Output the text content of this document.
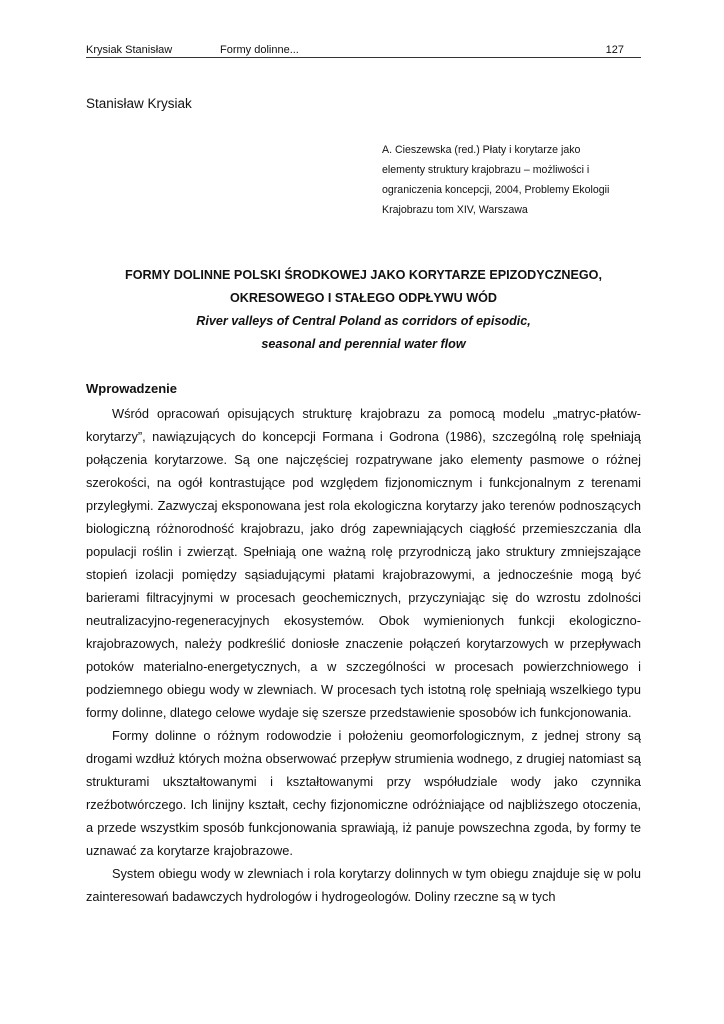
Krysiak Stanisław	Formy dolinne...	127
Stanisław Krysiak
A. Cieszewska (red.) Płaty i korytarze jako
elementy struktury krajobrazu – możliwości i
ograniczenia koncepcji, 2004, Problemy Ekologii
Krajobrazu tom XIV, Warszawa
FORMY DOLINNE POLSKI ŚRODKOWEJ JAKO KORYTARZE EPIZODYCZNEGO,
OKRESOWEGO I STAŁEGO ODPŁYWU WÓD
River valleys of Central Poland as corridors of episodic,
seasonal and perennial water flow
Wprowadzenie

Wśród opracowań opisujących strukturę krajobrazu za pomocą modelu „matryc-płatów-korytarzy”, nawiązujących do koncepcji Formana i Godrona (1986), szczególną rolę spełniają połączenia korytarzowe. Są one najczęściej rozpatrywane jako elementy pasmowe o różnej szerokości, na ogół kontrastujące pod względem fizjonomicznym i funkcjonalnym z terenami przyległymi. Zazwyczaj eksponowana jest rola ekologiczna korytarzy jako terenów podnoszących biologiczną różnorodność krajobrazu, jako dróg zapewniających ciągłość przemieszczania dla populacji roślin i zwierząt. Spełniają one ważną rolę przyrodniczą jako struktury zmniejszające stopień izolacji pomiędzy sąsiadującymi płatami krajobrazowymi, a jednocześnie mogą być barierami filtracyjnymi w procesach geochemicznych, przyczyniając się do wzrostu zdolności neutralizacyjno-regeneracyjnych ekosystemów. Obok wymienionych funkcji ekologiczno-krajobrazowych, należy podkreślić doniosłe znaczenie połączeń korytarzowych w przepływach potoków materialno-energetycznych, a w szczególności w procesach powierzchniowego i podziemnego obiegu wody w zlewniach. W procesach tych istotną rolę spełniają wszelkiego typu formy dolinne, dlatego celowe wydaje się szersze przedstawienie sposobów ich funkcjonowania.

Formy dolinne o różnym rodowodzie i położeniu geomorfologicznym, z jednej strony są drogami wzdłuż których można obserwować przepływ strumienia wodnego, z drugiej natomiast są strukturami ukształtowanymi i kształtowanymi przy współudziale wody jako czynnika rzeźbotwórczego. Ich linijny kształt, cechy fizjonomiczne odróżniające od najbliższego otoczenia, a przede wszystkim sposób funkcjonowania sprawiają, iż panuje powszechna zgoda, by formy te uznawać za korytarze krajobrazowe.

System obiegu wody w zlewniach i rola korytarzy dolinnych w tym obiegu znajduje się w polu zainteresowań badawczych hydrologów i hydrogeologów. Doliny rzeczne są w tych
